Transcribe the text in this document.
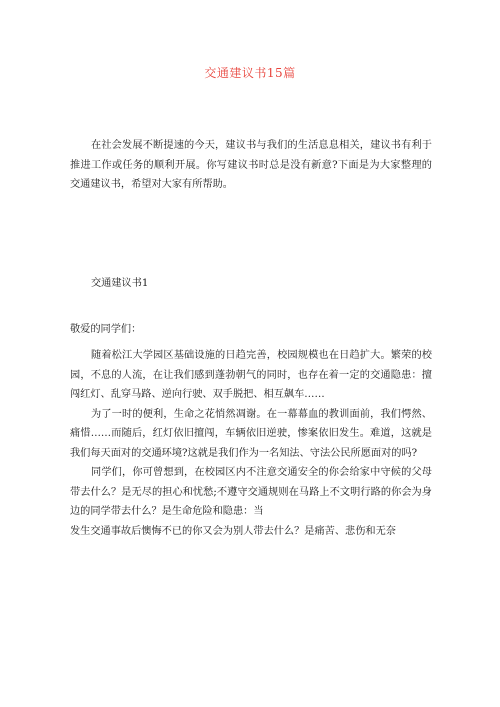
交通建议书15篇

在社会发展不断提速的今天，建议书与我们的生活息息相关，建议书有利于推进工作或任务的顺利开展。你写建议书时总是没有新意?下面是为大家整理的交通建议书，希望对大家有所帮助。

交通建议书1
敬爱的同学们：

随着松江大学园区基础设施的日趋完善，校园规模也在日趋扩大。繁荣的校园，不息的人流，在让我们感到蓬勃朝气的同时，也存在着一定的交通隐患：擅闯红灯、乱穿马路、逆向行驶、双手脱把、相互飙车……

为了一时的便利，生命之花悄然凋谢。在一幕幕血的教训面前，我们愕然、痛惜……而随后，红灯依旧擅闯，车辆依旧逆驶，惨案依旧发生。难道，这就是我们每天面对的交通环境?这就是我们作为一名知法、守法公民所愿面对的吗?

同学们，你可曾想到，在校园区内不注意交通安全的你会给家中守候的父母带去什么？是无尽的担心和忧愁;不遵守交通规则在马路上不文明行路的你会为身边的同学带去什么？是生命危险和隐患：当

发生交通事故后懊悔不已的你又会为别人带去什么？是痛苦、悲伤和无奈
